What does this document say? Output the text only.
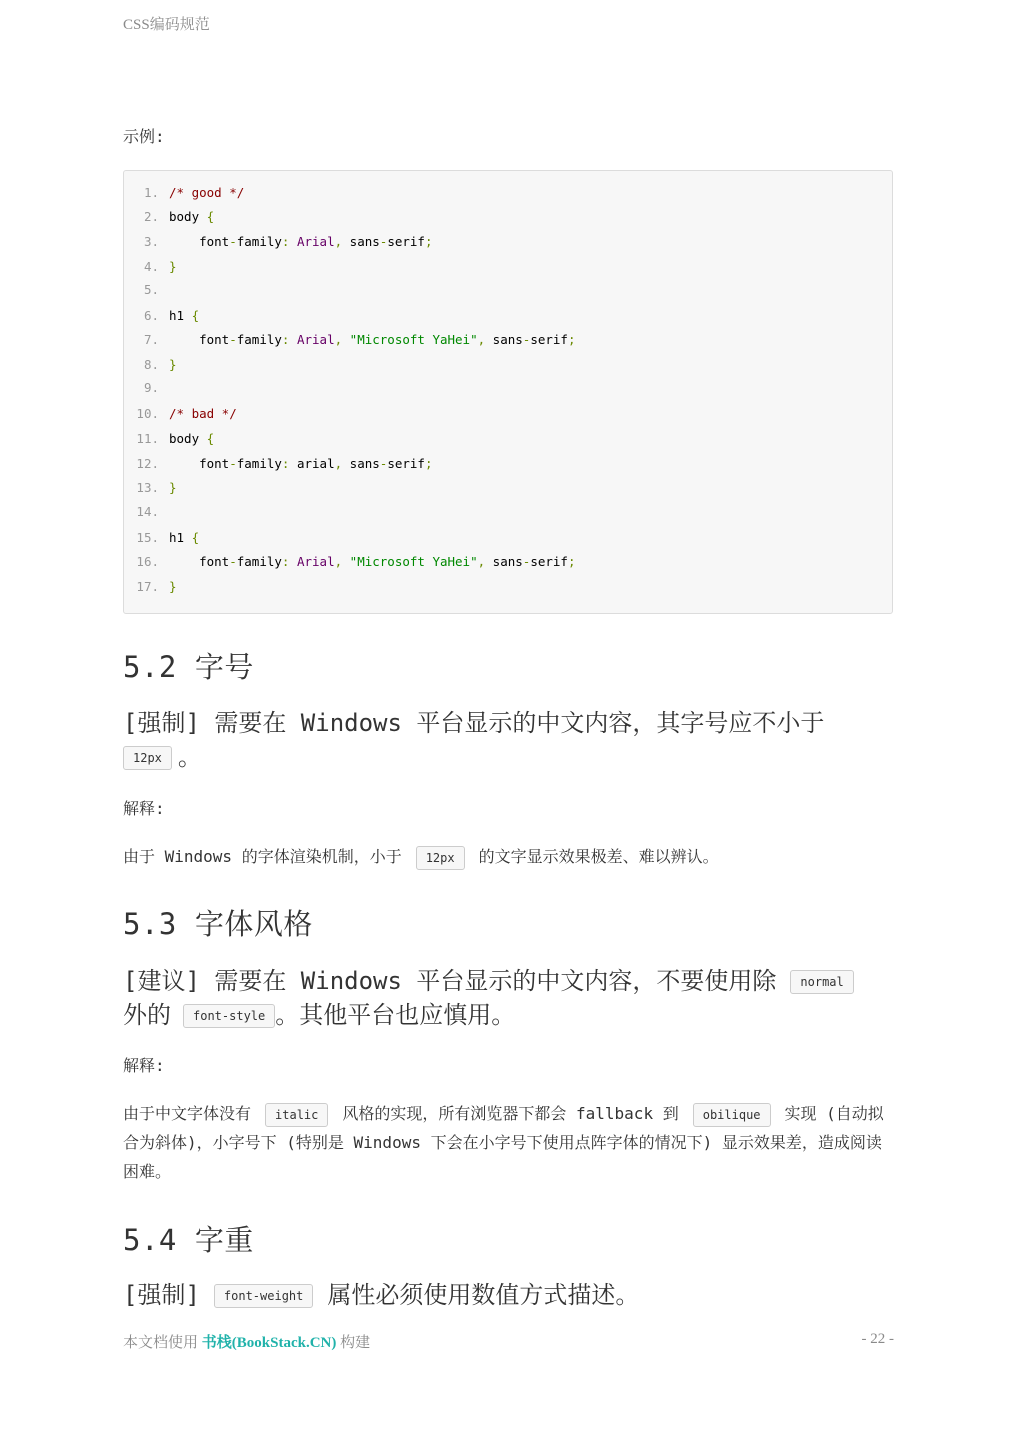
CSS编码规范
示例:
1. /* good */
2. body {
3.    font-family: Arial, sans-serif;
4. }
5.
6. h1 {
7.    font-family: Arial, "Microsoft YaHei", sans-serif;
8. }
9.
10. /* bad */
11. body {
12.    font-family: arial, sans-serif;
13. }
14.
15. h1 {
16.    font-family: Arial, "Microsoft YaHei", sans-serif;
17. }
5.2 字号
[强制] 需要在 Windows 平台显示的中文内容，其字号应不小于
12px 。
解释:
由于 Windows 的字体渲染机制，小于 12px 的文字显示效果极差、难以辨认。
5.3 字体风格
[建议] 需要在 Windows 平台显示的中文内容，不要使用除 normal
外的 font-style 。其他平台也应慎用。
解释:
由于中文字体没有 italic 风格的实现，所有浏览器下都会 fallback 到 obilique 实现 (自动拟合为斜体)，小字号下 (特别是 Windows 下会在小字号下使用点阵字体的情况下) 显示效果差，造成阅读困难。
5.4 字重
[强制] font-weight 属性必须使用数值方式描述。
本文档使用 书栈(BookStack.CN) 构建	- 22 -
